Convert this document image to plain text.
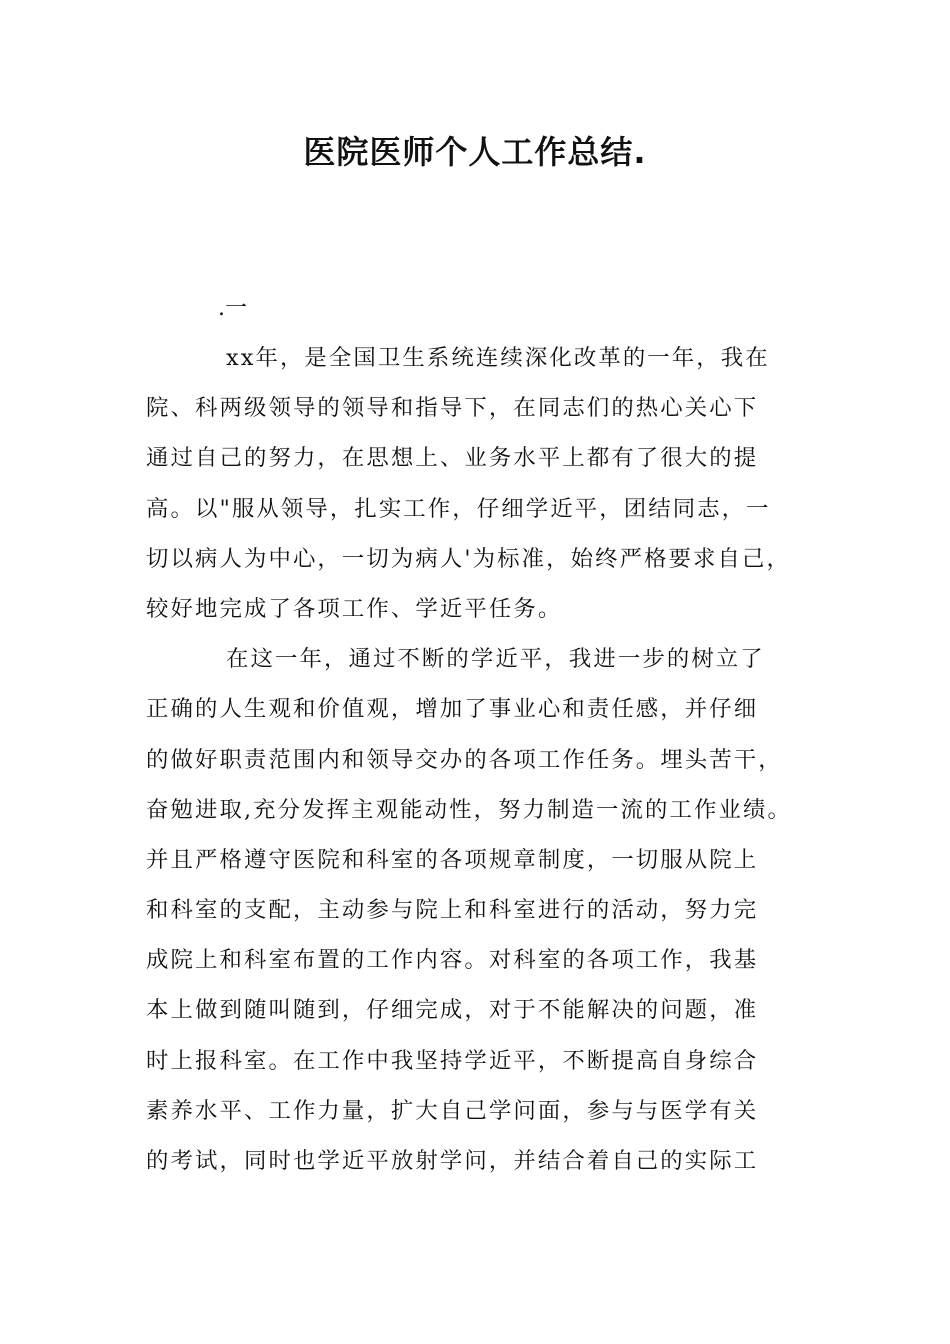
医院医师个人工作总结.

.一

xx年，是全国卫生系统连续深化改革的一年，我在

院、科两级领导的领导和指导下，在同志们的热心关心下

通过自己的努力，在思想上、业务水平上都有了很大的提

高。以"服从领导，扎实工作，仔细学近平，团结同志，一

切以病人为中心，一切为病人'为标准，始终严格要求自己，

较好地完成了各项工作、学近平任务。

在这一年，通过不断的学近平，我进一步的树立了

正确的人生观和价值观，增加了事业心和责任感，并仔细

的做好职责范围内和领导交办的各项工作任务。埋头苦干，

奋勉进取,充分发挥主观能动性，努力制造一流的工作业绩。

并且严格遵守医院和科室的各项规章制度，一切服从院上

和科室的支配，主动参与院上和科室进行的活动，努力完

成院上和科室布置的工作内容。对科室的各项工作，我基

本上做到随叫随到，仔细完成，对于不能解决的问题，准

时上报科室。在工作中我坚持学近平，不断提高自身综合

素养水平、工作力量，扩大自己学问面，参与与医学有关

的考试，同时也学近平放射学问，并结合着自己的实际工
